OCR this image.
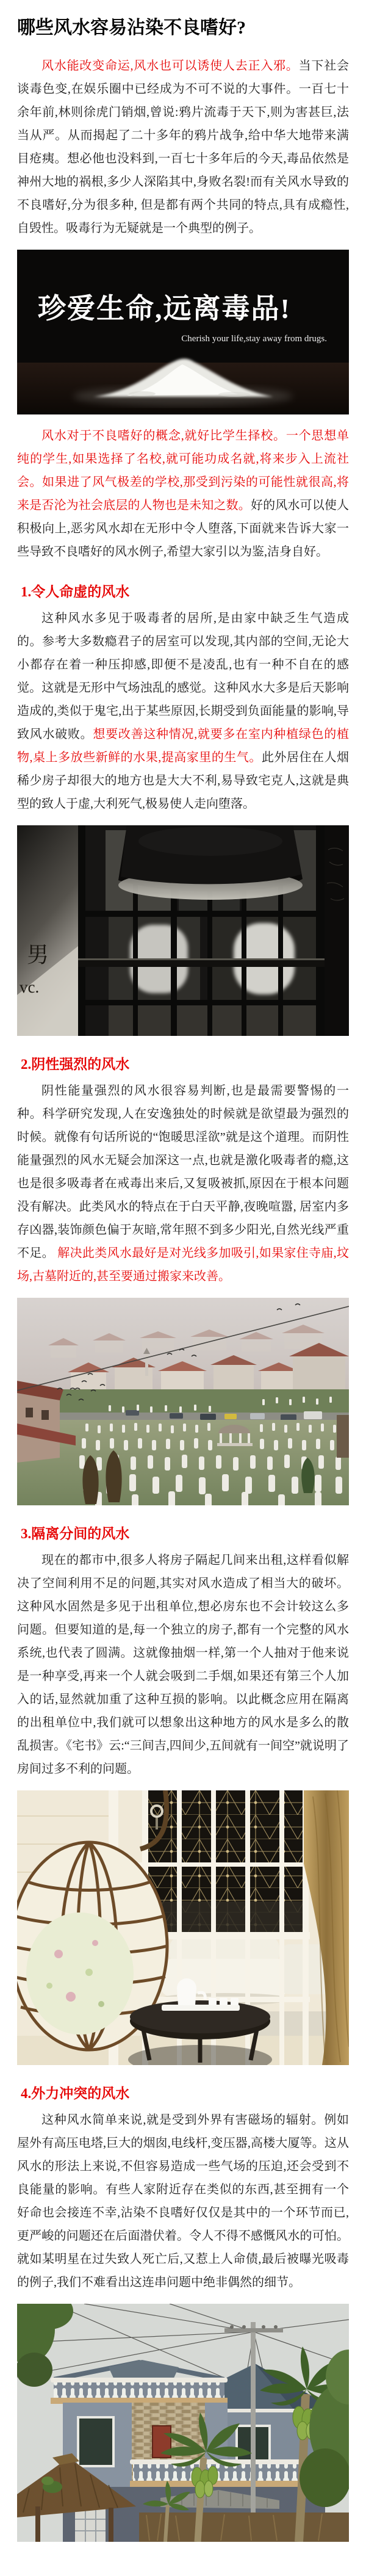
哪些风水容易沾染不良嗜好?

风水能改变命运,风水也可以诱使人去正入邪。当下社会谈毒色变,在娱乐圈中已经成为不可不说的大事件。一百七十余年前,林则徐虎门销烟,曾说:鸦片流毒于天下,则为害甚巨,法当从严。从而揭起了二十多年的鸦片战争,给中华大地带来满目疮痍。想必他也没料到,一百七十多年后的今天,毒品依然是神州大地的祸根,多少人深陷其中,身败名裂!而有关风水导致的不良嗜好,分为很多种, 但是都有两个共同的特点,具有成瘾性,自毁性。吸毒行为无疑就是一个典型的例子。

珍爱生命,远离毒品!
Cherish your life,stay away from drugs.

风水对于不良嗜好的概念,就好比学生择校。一个思想单纯的学生,如果选择了名校,就可能功成名就,将来步入上流社会。如果进了风气极差的学校,那受到污染的可能性就很高,将来是否沦为社会底层的人物也是未知之数。好的风水可以使人积极向上,恶劣风水却在无形中令人堕落,下面就来告诉大家一些导致不良嗜好的风水例子,希望大家引以为鉴,洁身自好。

1.令人命虚的风水

这种风水多见于吸毒者的居所,是由家中缺乏生气造成的。参考大多数瘾君子的居室可以发现,其内部的空间,无论大小都存在着一种压抑感,即便不是凌乱,也有一种不自在的感觉。这就是无形中气场浊乱的感觉。这种风水大多是后天影响造成的,类似于鬼宅,出于某些原因,长期受到负面能量的影响,导致风水破败。想要改善这种情况,就要多在室内种植绿色的植物,桌上多放些新鲜的水果,提高家里的生气。此外居住在人烟稀少房子却很大的地方也是大大不利,易导致宅克人,这就是典型的致人于虚,大利死气,极易使人走向堕落。

男
vc.
2.阴性强烈的风水

阴性能量强烈的风水很容易判断,也是最需要警惕的一种。科学研究发现,人在安逸独处的时候就是欲望最为强烈的时候。就像有句话所说的“饱暖思淫欲”就是这个道理。而阴性能量强烈的风水无疑会加深这一点,也就是激化吸毒者的瘾,这也是很多吸毒者在戒毒出来后,又复吸被抓,原因在于根本问题没有解决。此类风水的特点在于白天平静,夜晚喧嚣, 居室内多存凶器,装饰颜色偏于灰暗,常年照不到多少阳光,自然光线严重不足。 解决此类风水最好是对光线多加吸引,如果家住寺庙,坟场,古墓附近的,甚至要通过搬家来改善。

3.隔离分间的风水

现在的都市中,很多人将房子隔起几间来出租,这样看似解决了空间利用不足的问题,其实对风水造成了相当大的破坏。这种风水固然是多见于出租单位,想必房东也不会计较这么多问题。但要知道的是,每一个独立的房子,都有一个完整的风水系统,也代表了圆满。这就像抽烟一样,第一个人抽对于他来说是一种享受,再来一个人就会吸到二手烟,如果还有第三个人加入的话,显然就加重了这种互损的影响。以此概念应用在隔离的出租单位中,我们就可以想象出这种地方的风水是多么的散乱损害。《宅书》云:“三间吉,四间少,五间就有一间空”就说明了房间过多不利的问题。

4.外力冲突的风水

这种风水简单来说,就是受到外界有害磁场的辐射。例如屋外有高压电塔,巨大的烟囱,电线杆,变压器,高楼大厦等。这从风水的形法上来说,不但容易造成一些气场的压迫,还会受到不良能量的影响。有些人家附近存在类似的东西,甚至拥有一个好命也会接连不幸,沾染不良嗜好仅仅是其中的一个环节而已,更严峻的问题还在后面潜伏着。令人不得不感慨风水的可怕。就如某明星在过失致人死亡后,又惹上人命债,最后被曝光吸毒的例子,我们不难看出这连串问题中绝非偶然的细节。
